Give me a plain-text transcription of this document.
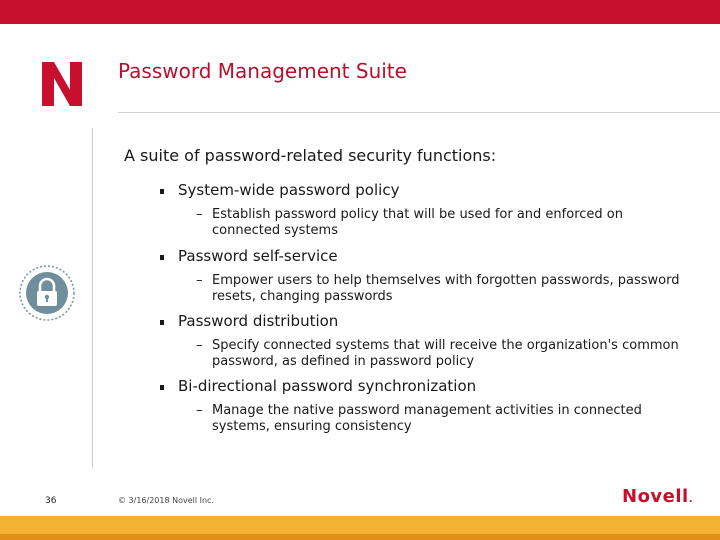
Password Management Suite
A suite of password-related security functions:
System-wide password policy
– Establish password policy that will be used for and enforced on connected systems
Password self-service
– Empower users to help themselves with forgotten passwords, password resets, changing passwords
Password distribution
– Specify connected systems that will receive the organization's common password, as defined in password policy
Bi-directional password synchronization
– Manage the native password management activities in connected systems, ensuring consistency
36	© 3/16/2018 Novell Inc.	Novell.
